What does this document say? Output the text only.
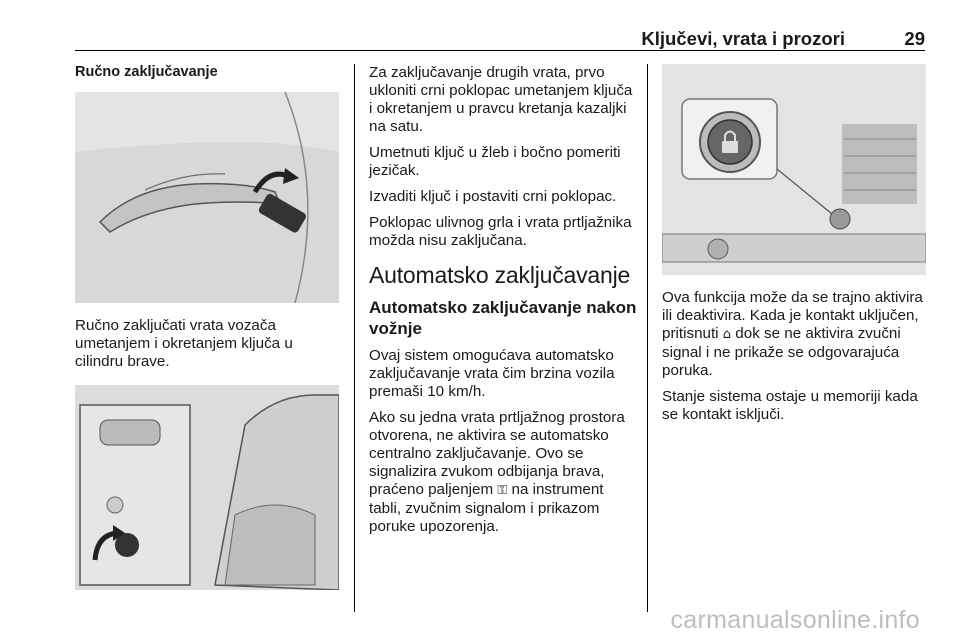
Ključevi, vrata i prozori	29

Ručno zaključavanje

Ručno zaključati vrata vozača umetanjem i okretanjem ključa u cilindru brave.

Za zaključavanje drugih vrata, prvo ukloniti crni poklopac umetanjem ključa i okretanjem u pravcu kretanja kazaljki na satu.

Umetnuti ključ u žleb i bočno pomeriti jezičak.

Izvaditi ključ i postaviti crni poklopac.

Poklopac ulivnog grla i vrata prtljažnika možda nisu zaključana.

Automatsko zaključavanje

Automatsko zaključavanje nakon vožnje

Ovaj sistem omogućava automatsko zaključavanje vrata čim brzina vozila premaši 10 km/h.

Ako su jedna vrata prtljažnog prostora otvorena, ne aktivira se automatsko centralno zaključavanje. Ovo se signalizira zvukom odbijanja brava, praćeno paljenjem ⚿ na instrument tabli, zvučnim signalom i prikazom poruke upozorenja.

Ova funkcija može da se trajno aktivira ili deaktivira. Kada je kontakt uključen, pritisnuti ⌂ dok se ne aktivira zvučni signal i ne prikaže se odgovarajuća poruka.

Stanje sistema ostaje u memoriji kada se kontakt isključi.

carmanualsonline.info
